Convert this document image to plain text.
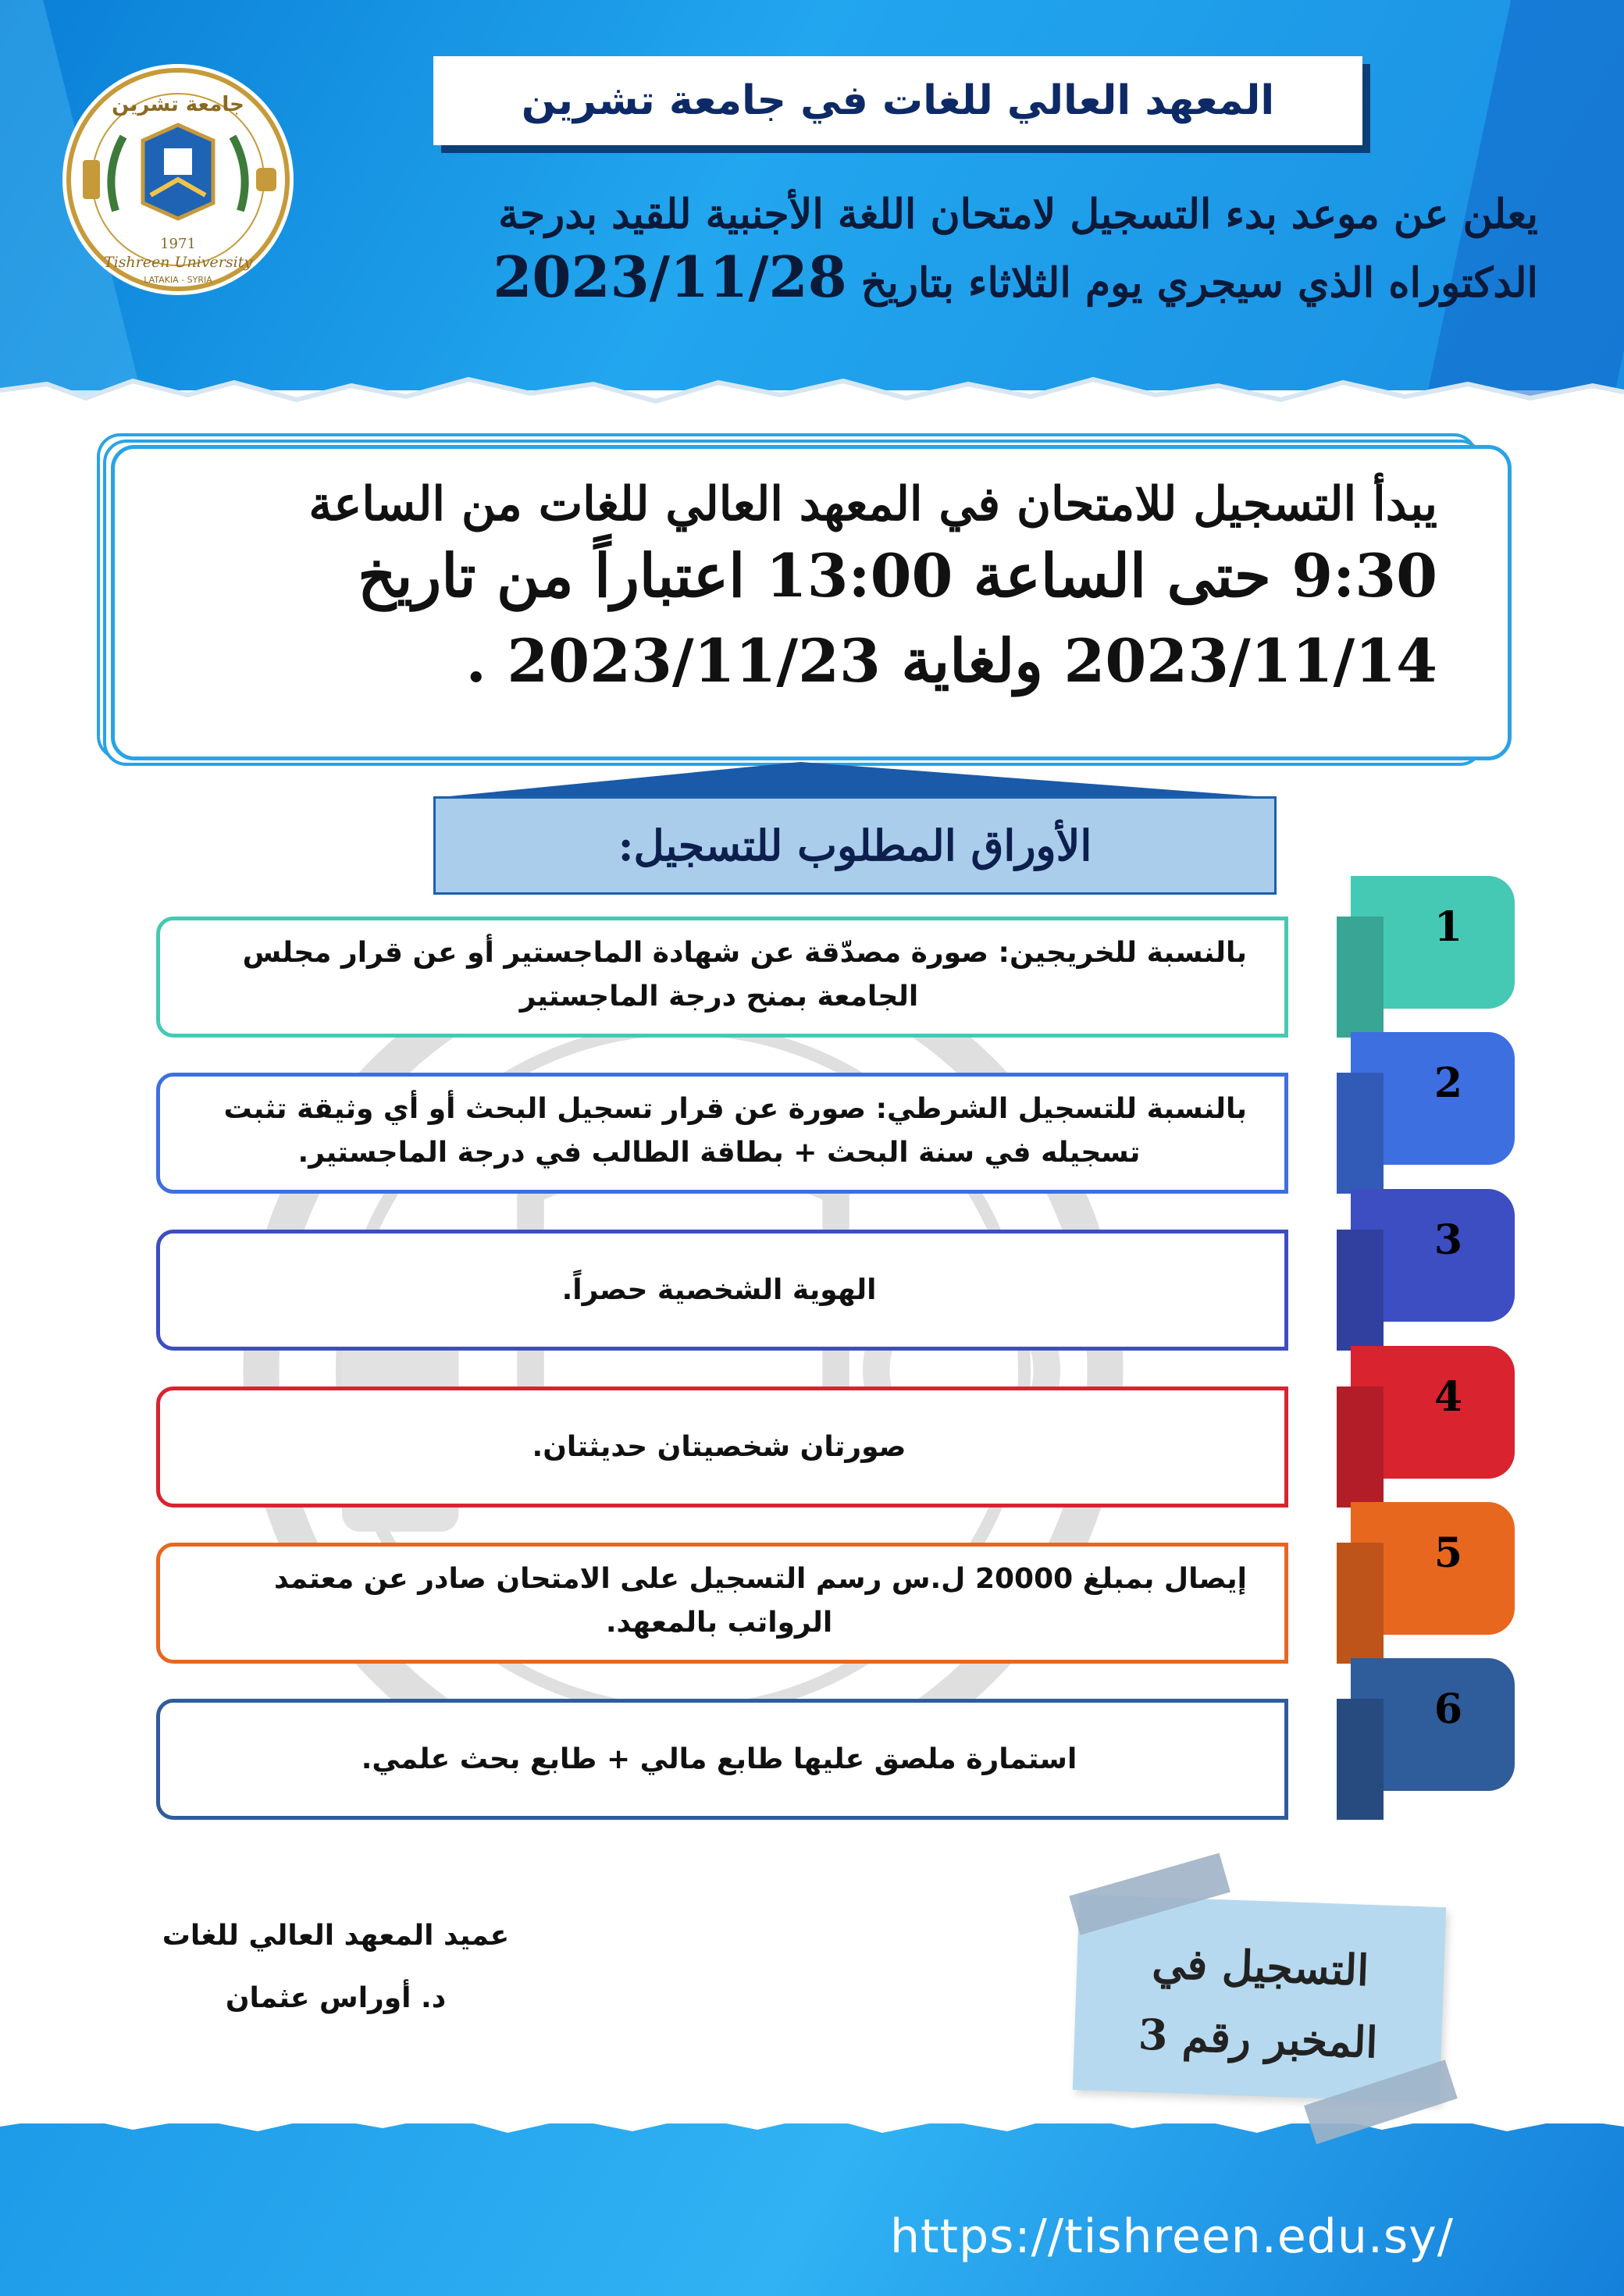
جامعة تشرين
1971
Tishreen University
LATAKIA - SYRIA
المعهد العالي للغات في جامعة تشرين
يعلن عن موعد بدء التسجيل لامتحان اللغة الأجنبية للقيد بدرجة
الدكتوراه الذي سيجري يوم الثلاثاء بتاريخ 2023/11/28
يبدأ التسجيل للامتحان في المعهد العالي للغات من الساعة
9:30 حتى الساعة 13:00 اعتباراً من تاريخ
2023/11/14 ولغاية 2023/11/23 .
الأوراق المطلوب للتسجيل:
1
بالنسبة للخريجين: صورة مصدّقة عن شهادة الماجستير أو عن قرار مجلس
الجامعة بمنح درجة الماجستير
2
بالنسبة للتسجيل الشرطي: صورة عن قرار تسجيل البحث أو أي وثيقة تثبت
تسجيله في سنة البحث + بطاقة الطالب في درجة الماجستير.
3
الهوية الشخصية حصراً.
4
صورتان شخصيتان حديثتان.
5
إيصال بمبلغ 20000 ل.س رسم التسجيل على الامتحان صادر عن معتمد
الرواتب بالمعهد.
6
استمارة ملصق عليها طابع مالي + طابع بحث علمي.
عميد المعهد العالي للغات
د. أوراس عثمان
التسجيل في
المخبر رقم 3
https://tishreen.edu.sy/
